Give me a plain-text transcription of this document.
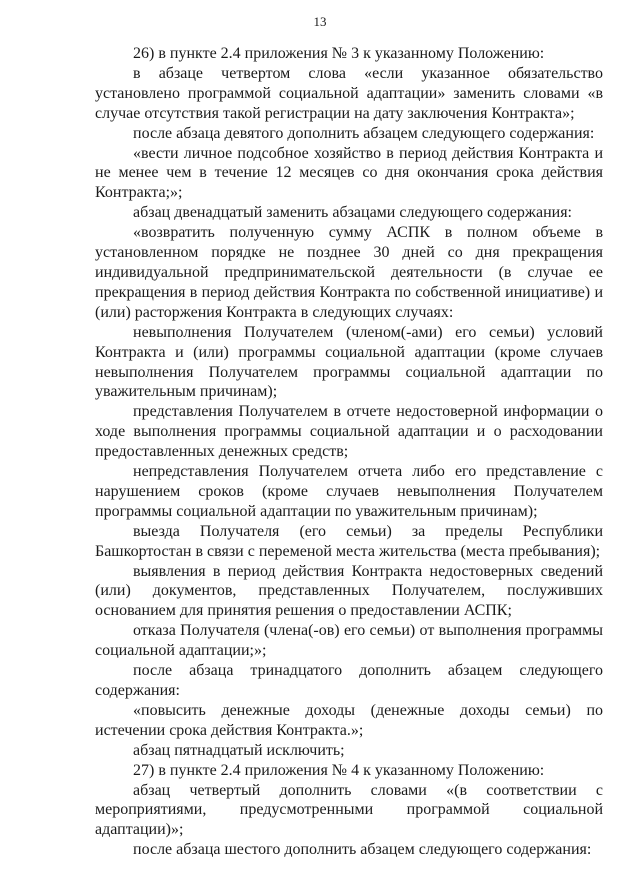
13

26) в пункте 2.4 приложения № 3 к указанному Положению:

в абзаце четвертом слова «если указанное обязательство установлено программой социальной адаптации» заменить словами «в случае отсутствия такой регистрации на дату заключения Контракта»;

после абзаца девятого дополнить абзацем следующего содержания:

«вести личное подсобное хозяйство в период действия Контракта и не менее чем в течение 12 месяцев со дня окончания срока действия Контракта;»;

абзац двенадцатый заменить абзацами следующего содержания:

«возвратить полученную сумму АСПК в полном объеме в установленном порядке не позднее 30 дней со дня прекращения индивидуальной предпринимательской деятельности (в случае ее прекращения в период действия Контракта по собственной инициативе) и (или) расторжения Контракта в следующих случаях:

невыполнения Получателем (членом(-ами) его семьи) условий Контракта и (или) программы социальной адаптации (кроме случаев невыполнения Получателем программы социальной адаптации по уважительным причинам);

представления Получателем в отчете недостоверной информации о ходе выполнения программы социальной адаптации и о расходовании предоставленных денежных средств;

непредставления Получателем отчета либо его представление с нарушением сроков (кроме случаев невыполнения Получателем программы социальной адаптации по уважительным причинам);

выезда Получателя (его семьи) за пределы Республики Башкортостан в связи с переменой места жительства (места пребывания);

выявления в период действия Контракта недостоверных сведений (или) документов, представленных Получателем, послуживших основанием для принятия решения о предоставлении АСПК;

отказа Получателя (члена(-ов) его семьи) от выполнения программы социальной адаптации;»;

после абзаца тринадцатого дополнить абзацем следующего содержания:

«повысить денежные доходы (денежные доходы семьи) по истечении срока действия Контракта.»;

абзац пятнадцатый исключить;

27) в пункте 2.4 приложения № 4 к указанному Положению:

абзац четвертый дополнить словами «(в соответствии с мероприятиями, предусмотренными программой социальной адаптации)»;

после абзаца шестого дополнить абзацем следующего содержания:
